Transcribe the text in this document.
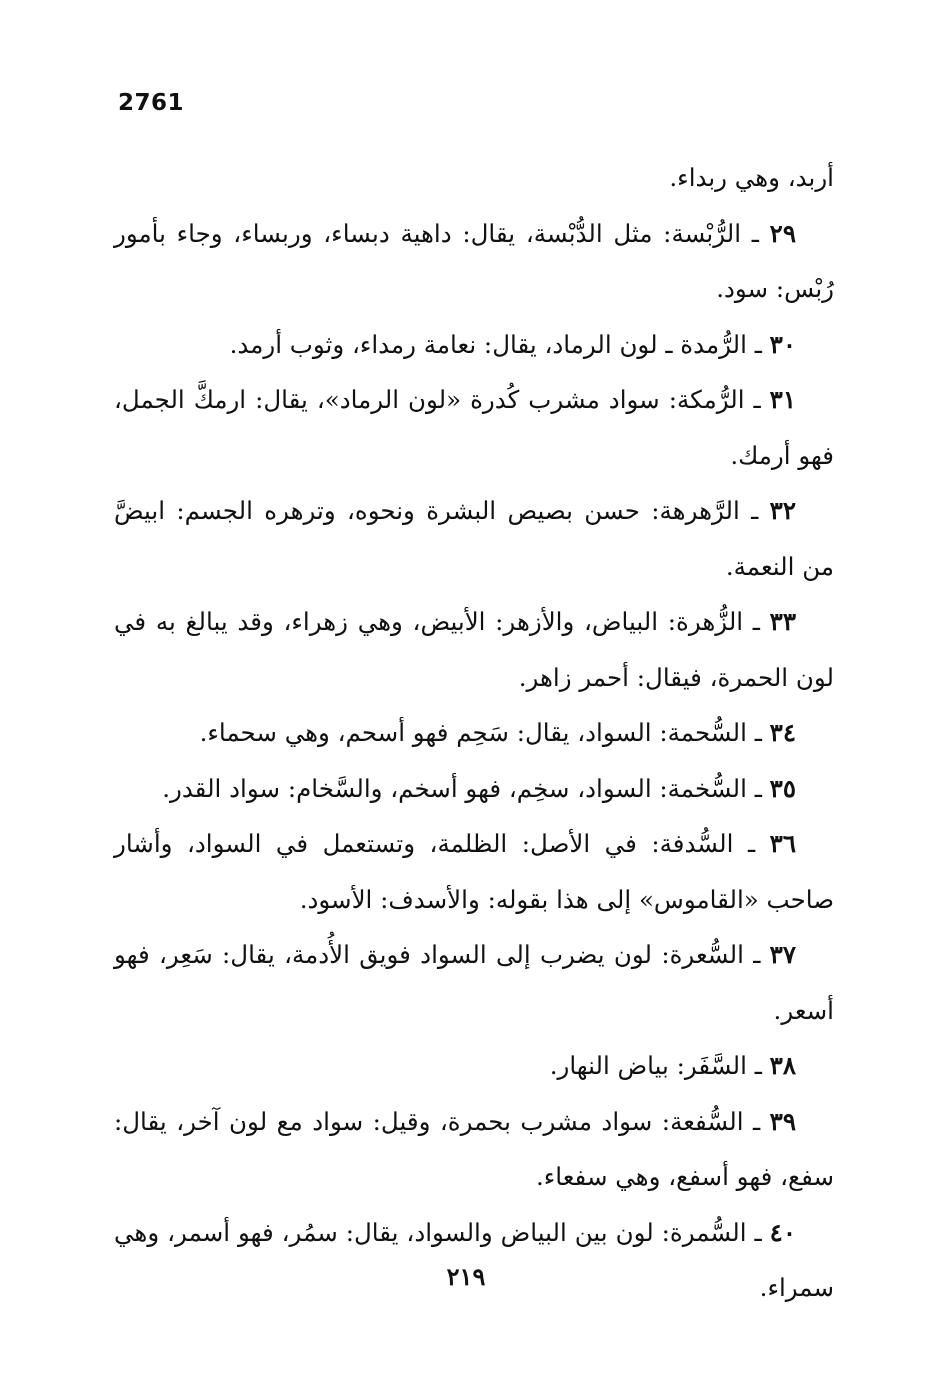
2761

أربد، وهي ربداء.

٢٩ ـ الرُّبْسة: مثل الدُّبْسة، يقال: داهية دبساء، وربساء، وجاء بأمور رُبْس: سود.

٣٠ ـ الرُّمدة ـ لون الرماد، يقال: نعامة رمداء، وثوب أرمد.

٣١ ـ الرُّمكة: سواد مشرب كُدرة «لون الرماد»، يقال: ارمكَّ الجمل، فهو أرمك.

٣٢ ـ الرَّهرهة: حسن بصيص البشرة ونحوه، وترهره الجسم: ابيضَّ من النعمة.

٣٣ ـ الزُّهرة: البياض، والأزهر: الأبيض، وهي زهراء، وقد يبالغ به في لون الحمرة، فيقال: أحمر زاهر.

٣٤ ـ السُّحمة: السواد، يقال: سَحِم فهو أسحم، وهي سحماء.

٣٥ ـ السُّخمة: السواد، سخِم، فهو أسخم، والسَّخام: سواد القدر.

٣٦ ـ السُّدفة: في الأصل: الظلمة، وتستعمل في السواد، وأشار صاحب «القاموس» إلى هذا بقوله: والأسدف: الأسود.

٣٧ ـ السُّعرة: لون يضرب إلى السواد فويق الأُدمة، يقال: سَعِر، فهو أسعر.

٣٨ ـ السَّفَر: بياض النهار.

٣٩ ـ السُّفعة: سواد مشرب بحمرة، وقيل: سواد مع لون آخر، يقال: سفع، فهو أسفع، وهي سفعاء.

٤٠ ـ السُّمرة: لون بين البياض والسواد، يقال: سمُر، فهو أسمر، وهي سمراء.

٢١٩
